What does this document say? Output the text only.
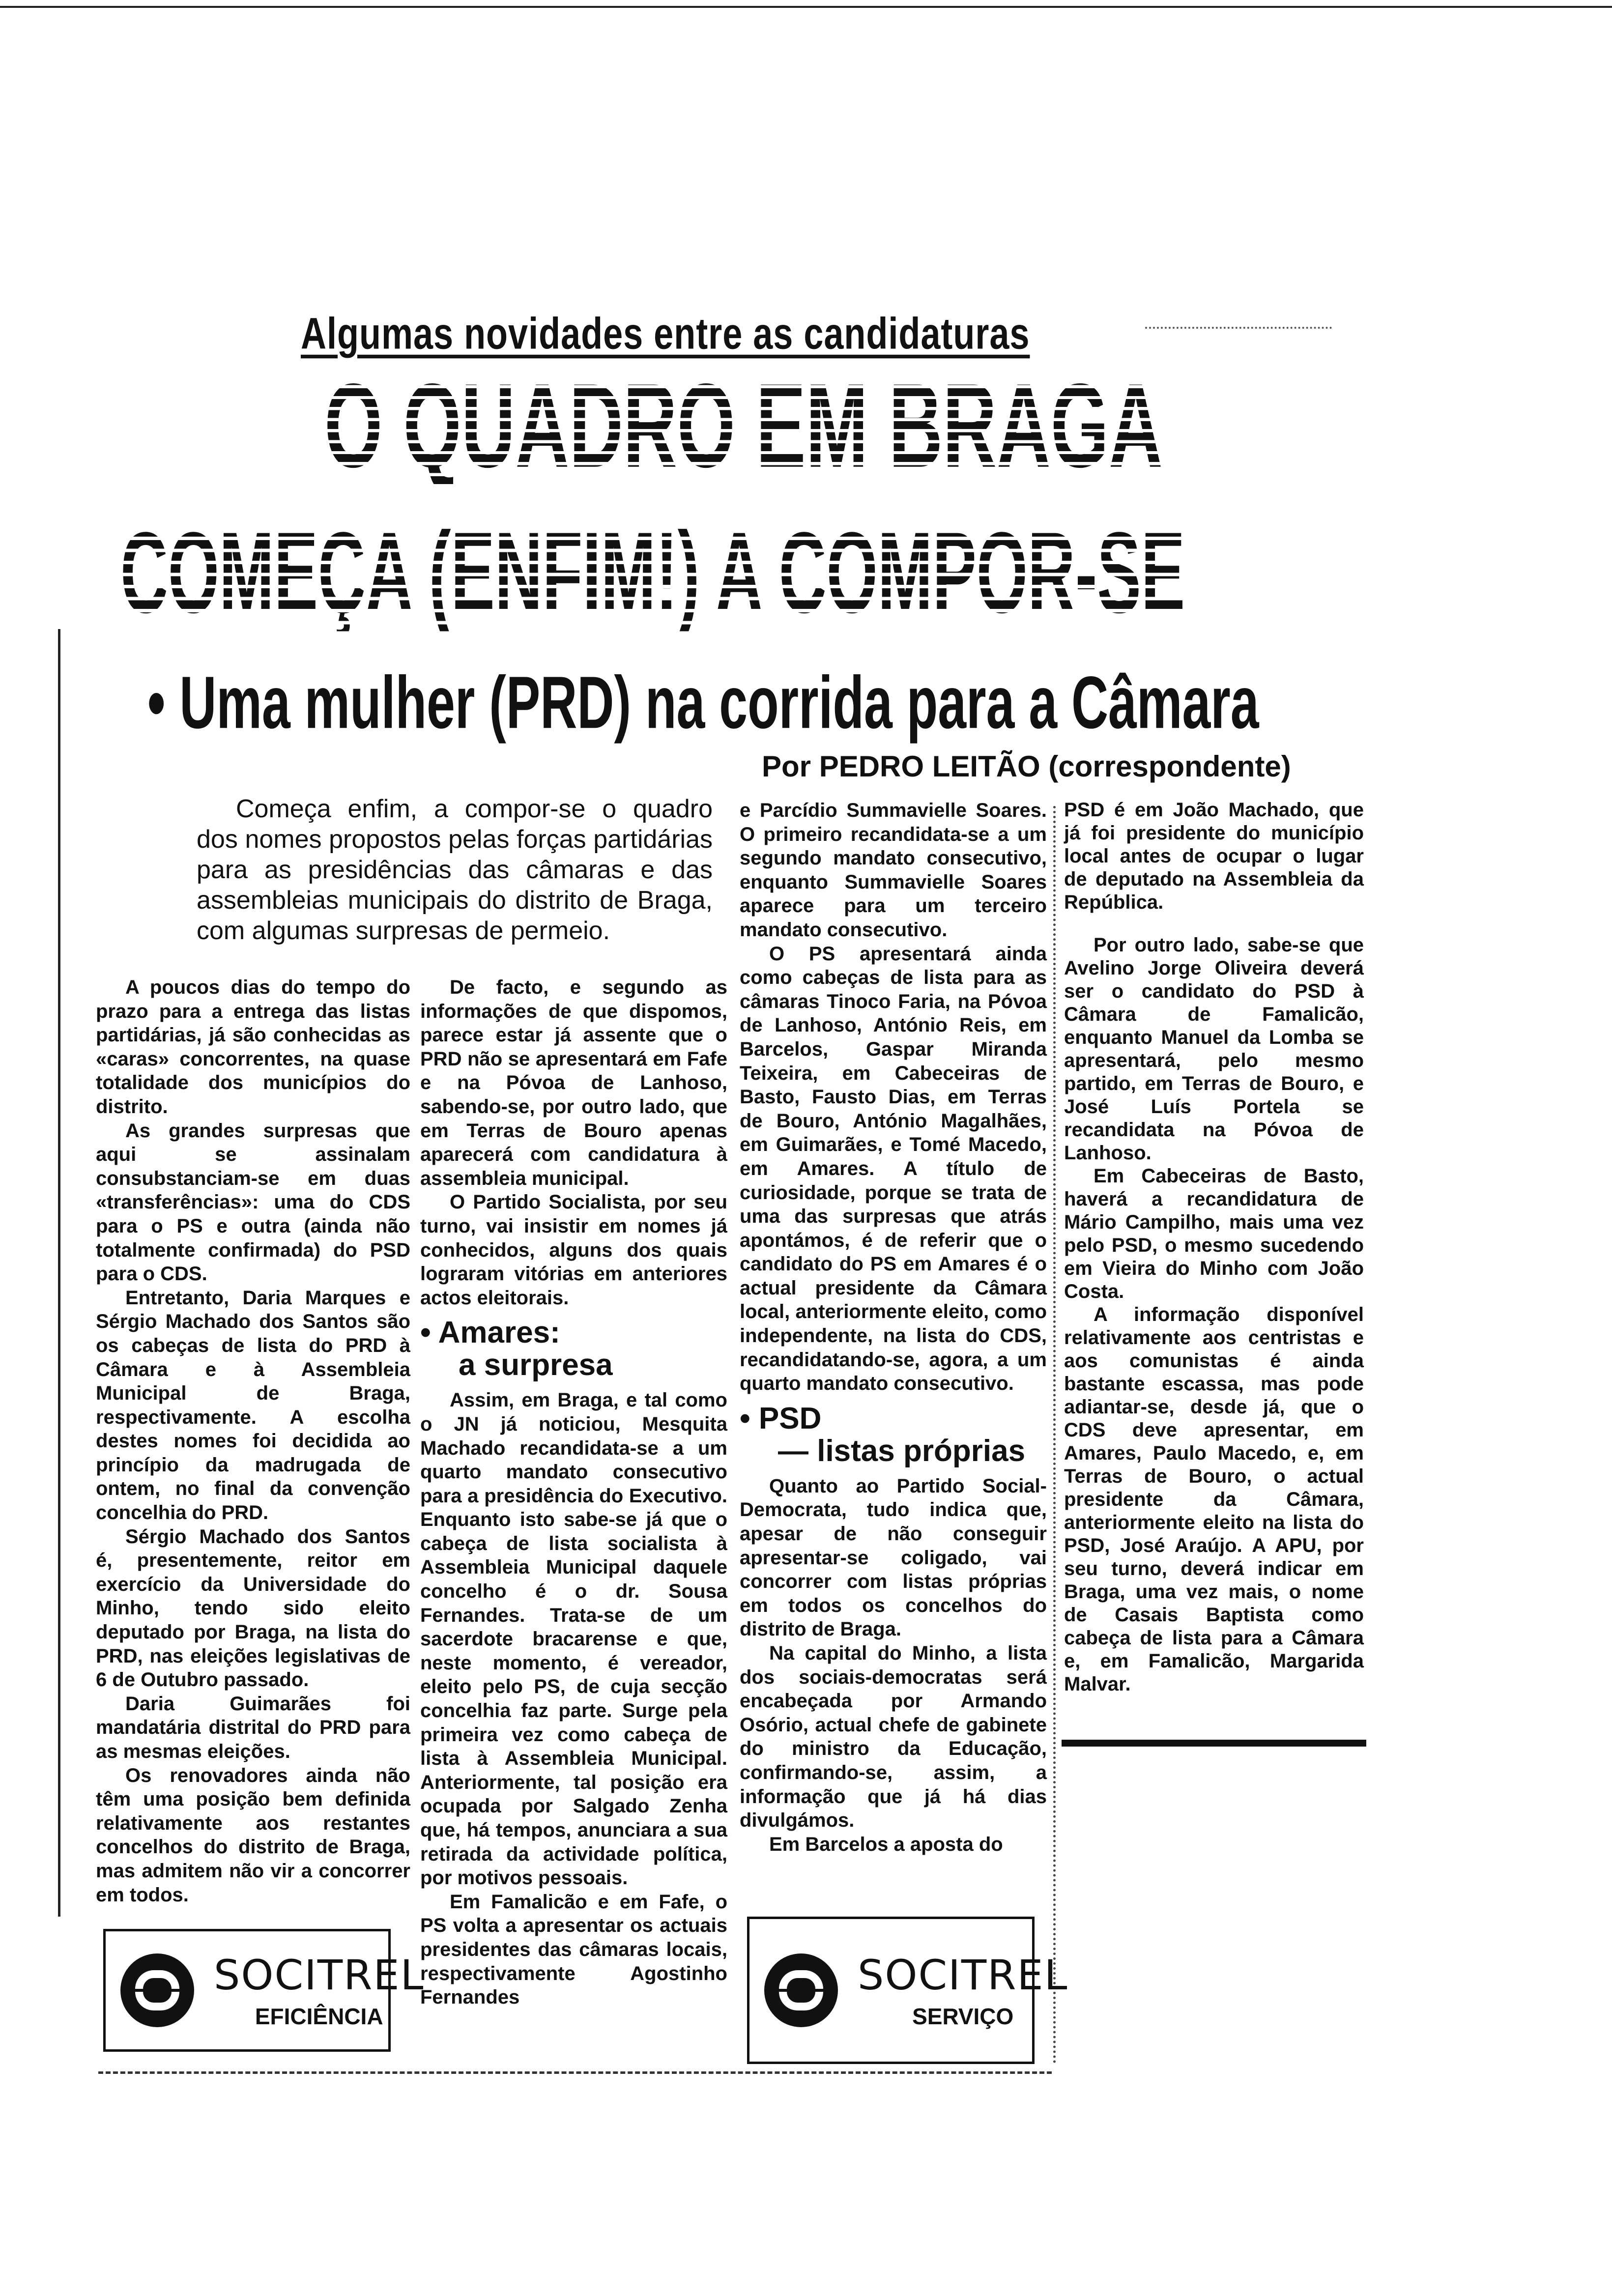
Algumas novidades entre as candidaturas
O QUADRO EM BRAGA
COMEÇA (ENFIM!) A COMPOR-SE
• Uma mulher (PRD) na corrida para a Câmara
Por PEDRO LEITÃO (correspondente)
Começa enfim, a compor-se o quadro dos nomes propostos pelas forças partidárias para as presidências das câmaras e das assembleias municipais do distrito de Braga, com algumas surpresas de permeio.

A poucos dias do tempo do prazo para a entrega das listas partidárias, já são conhecidas as «caras» concorrentes, na quase totalidade dos municípios do distrito.

As grandes surpresas que aqui se assinalam consubstanciam-se em duas «transferências»: uma do CDS para o PS e outra (ainda não totalmente confirmada) do PSD para o CDS.

Entretanto, Daria Marques e Sérgio Machado dos Santos são os cabeças de lista do PRD à Câmara e à Assembleia Municipal de Braga, respectivamente. A escolha destes nomes foi decidida ao princípio da madrugada de ontem, no final da convenção concelhia do PRD.

Sérgio Machado dos Santos é, presentemente, reitor em exercício da Universidade do Minho, tendo sido eleito deputado por Braga, na lista do PRD, nas eleições legislativas de 6 de Outubro passado.

Daria Guimarães foi mandatária distrital do PRD para as mesmas eleições.

Os renovadores ainda não têm uma posição bem definida relativamente aos restantes concelhos do distrito de Braga, mas admitem não vir a concorrer em todos.

De facto, e segundo as informações de que dispomos, parece estar já assente que o PRD não se apresentará em Fafe e na Póvoa de Lanhoso, sabendo-se, por outro lado, que em Terras de Bouro apenas aparecerá com candidatura à assembleia municipal.

O Partido Socialista, por seu turno, vai insistir em nomes já conhecidos, alguns dos quais lograram vitórias em anteriores actos eleitorais.

• Amares:
a surpresa

Assim, em Braga, e tal como o JN já noticiou, Mesquita Machado recandidata-se a um quarto mandato consecutivo para a presidência do Executivo. Enquanto isto sabe-se já que o cabeça de lista socialista à Assembleia Municipal daquele concelho é o dr. Sousa Fernandes. Trata-se de um sacerdote bracarense e que, neste momento, é vereador, eleito pelo PS, de cuja secção concelhia faz parte. Surge pela primeira vez como cabeça de lista à Assembleia Municipal. Anteriormente, tal posição era ocupada por Salgado Zenha que, há tempos, anunciara a sua retirada da actividade política, por motivos pessoais.

Em Famalicão e em Fafe, o PS volta a apresentar os actuais presidentes das câmaras locais, respectivamente Agostinho Fernandes

e Parcídio Summavielle Soares. O primeiro recandidata-se a um segundo mandato consecutivo, enquanto Summavielle Soares aparece para um terceiro mandato consecutivo.

O PS apresentará ainda como cabeças de lista para as câmaras Tinoco Faria, na Póvoa de Lanhoso, António Reis, em Barcelos, Gaspar Miranda Teixeira, em Cabeceiras de Basto, Fausto Dias, em Terras de Bouro, António Magalhães, em Guimarães, e Tomé Macedo, em Amares. A título de curiosidade, porque se trata de uma das surpresas que atrás apontámos, é de referir que o candidato do PS em Amares é o actual presidente da Câmara local, anteriormente eleito, como independente, na lista do CDS, recandidatando-se, agora, a um quarto mandato consecutivo.

• PSD
— listas próprias

Quanto ao Partido Social-Democrata, tudo indica que, apesar de não conseguir apresentar-se coligado, vai concorrer com listas próprias em todos os concelhos do distrito de Braga.

Na capital do Minho, a lista dos sociais-democratas será encabeçada por Armando Osório, actual chefe de gabinete do ministro da Educação, confirmando-se, assim, a informação que já há dias divulgámos.

Em Barcelos a aposta do

PSD é em João Machado, que já foi presidente do município local antes de ocupar o lugar de deputado na Assembleia da República.

Por outro lado, sabe-se que Avelino Jorge Oliveira deverá ser o candidato do PSD à Câmara de Famalicão, enquanto Manuel da Lomba se apresentará, pelo mesmo partido, em Terras de Bouro, e José Luís Portela se recandidata na Póvoa de Lanhoso.

Em Cabeceiras de Basto, haverá a recandidatura de Mário Campilho, mais uma vez pelo PSD, o mesmo sucedendo em Vieira do Minho com João Costa.

A informação disponível relativamente aos centristas e aos comunistas é ainda bastante escassa, mas pode adiantar-se, desde já, que o CDS deve apresentar, em Amares, Paulo Macedo, e, em Terras de Bouro, o actual presidente da Câmara, anteriormente eleito na lista do PSD, José Araújo. A APU, por seu turno, deverá indicar em Braga, uma vez mais, o nome de Casais Baptista como cabeça de lista para a Câmara e, em Famalicão, Margarida Malvar.

SOCITREL
EFICIÊNCIA
SOCITREL
SERVIÇO
